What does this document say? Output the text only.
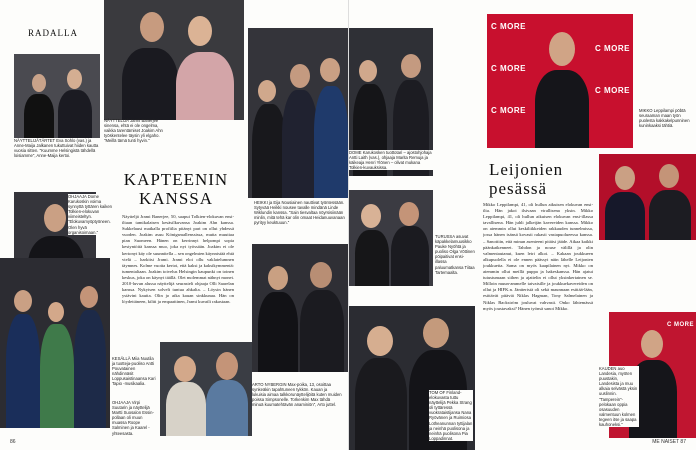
RADALLA
NÄYTTELIJÄTÄRTET Eva Sohlo (vas.) ja Anne-Maija Jalkanen tukuttuivat hiiden kautta vuosia sitten. "Kuumme Helsingistä tähdellä loisiamme", Anne-Maija kertoi.
NÄYTTELIJÄ Jarmi Banerjee sinensa, ehtä ei ole ongelma, vaikka tarentämiset Joakim Ahn työskentelee täysin yli elgaho. "Meillä tämä tunti hyvin."
KAPTEENIN KANSSA
Näytteljä Jrami Banerjee, 50, saapui Tolkien-elokuvan ensi-iltaan tamikalaisen kesäsilkuvansa Joakim Ahn kanssa. Sukkelausi matkalla profiilia pitänyt pari on ollut yhdessä vuoden. Joakim asuu Königsmallenssissa, mutta muuttaa pian Suomeen. Hänen on kerrinnyt helpompi sopia kestyntöitä kanssa muo, joka nyt työssään. Joakim ei ole kertonyt käy ole suunnitella – sen ongelmien käynnistää ehtä vielä – harkitsi Jrami. Jrami eloi ollu vaklatelumnen täymnes. Kolme vuotta kertoi, että kaksi ja kaksikymmentä: tumentaltaan. Joakim toivelus Helsingin kaupunki on toinen keskus, joka on käynyt täällä. Olet molemmat nähnyt monet. 2010-luvun alussa näyttelijä seurasteli ohjaaja Olli Saarelan kanssa. Nykyisen solvelt tuntua ahkalta. – Löysin hänen ystävini kautta. Olin jo aika kauan sinkkunaa. Hän on löydettäneen, kiltti ja empaattinen, Jrami kuvaili rakastaan.
OHJAAJA Dome Karukoskin voima synnyttä tyttären kaiken Tolkien-elokuvan viimeisteltyn. "Elokuvamyöptyöneen. Olen hyvä organisoimaan."
KESÄLLÄ Miia Nuutila ja tuotteja-puoliso Antti Pouvatainen nähdinnäsit Loppusaistinaansa Kari Tapio -musikaalia.
OHJAAJA Virpi Suutarin ja näyttelijä Martti Suosalon Essin-pollaan oli muun muassa Roope Salminen ja Kaarel -yhteesasta.
HEIKKI ja Eija Nousiainen nauttivat työntessään. Sytyvää Heikki nousee tavalle mindänä Linde Wiklundin kanssa. "Sain tiesvaltaa nöyrsisiinään minlin, mitä tehä kar olin omaat Heidanuuvanaan pyrityy keuktuuun."
ARTO NYBERGIN Max-poika, 13, osoittaa synkeäkin tapahtuneen tykkön. Kauan ja lukuisia aimaa talkkorunäyttelijöitä kuten muiden poissa Simpsonelle. Torkenkim Max tähdä minuä kuumatehtävän anaminiön", Arto juttel.
86
DOME Karukosken tuottotari – ajostohjohaja Antti Laith (vas.), ohjaaja Marita Remuja ja käikeaja Henri Ylönen – olivat mukana Tolkien-kuvauksissa.
TURUSSA asuvat käpakkelamuusikko Pauke Nyöhtä ja puoliso Olga Vöttinen pöipaitivat ensi-illassa paluumatkansa Tiitaa Tartemaalta.
TOM OF Finland-elokuvasta tuttu näyttelijä Pekka Strang oli tyttäressä vuokrataistijansa Nana Ryövänen ja Ruimiosa Lotheanunnan tyttijalan ja neinhä puolisona ja neinhä puolisona Pia Loppadinnat.
C MORE
C MORE
C MORE
C MORE
C MORE
MIKKO Leppilampi pöbtä seuraaman maan työn puolesta kakkakelpunninen kuninkaaksi tähtiä.
Leijonien pesässä
Mikko Leppilampi, 41, oli hullun aikuisen elokuvan ensi-ilta. Hän jakoi ilsivaan virallisena yksin. Mikko Leppilampi, 41, oli hullun aikuisen elokuvan ensi-illassa tavallisena. Hän juhli jalkeijän kavereiden kanssa. Mikko on aiemmin ollut keskiliikkeiden rakkauden tunnelmissa, jossa hänen isänsä kovasti rakasti vastapuolueessa kanssa. – Sanottiin, että minun asenteeni pitäisi jääde. Aikaa kaikki päänkatkenneet. Tahdon ja nouse välillä ja olin valmentautanut, kuen leiri alkoi. – Kakaan joukkueen alkupuolella ei ole ennen päässyt näin lähelle Leijonien joukkuetta. Sama on myös kaapilainen nyt. Mikko on aiemmin ollut meillä puppa ja hakeskanssa. Hän ajatui tutustumaan siihen ja ajattelin ei ollut yksinkertainen se. Milloin muun-ammelle taivaisille ja joukkuekavereiden on ollut ja HIFK.n. Jäntteristä oli sekä maunnaan esittää-lään, esittävät pitäviä Niklas Hagman, Tony Salmelainen ja Niklas Backström jouluvat vahvasti. Onko lähtemässä myös joustavaksi? Hänen työnsä sanoi Mikko.
C MORE
KAUDEN auo Landesia, myöten puustakin, Landesista ja muu alkaia selvästä yksin uuslinnin. "Tamperein"-pelokaan oppia osasuuden valmentuun kolmen tegeen itse ja saapa kauhoneksi."
ME NAISET 87
